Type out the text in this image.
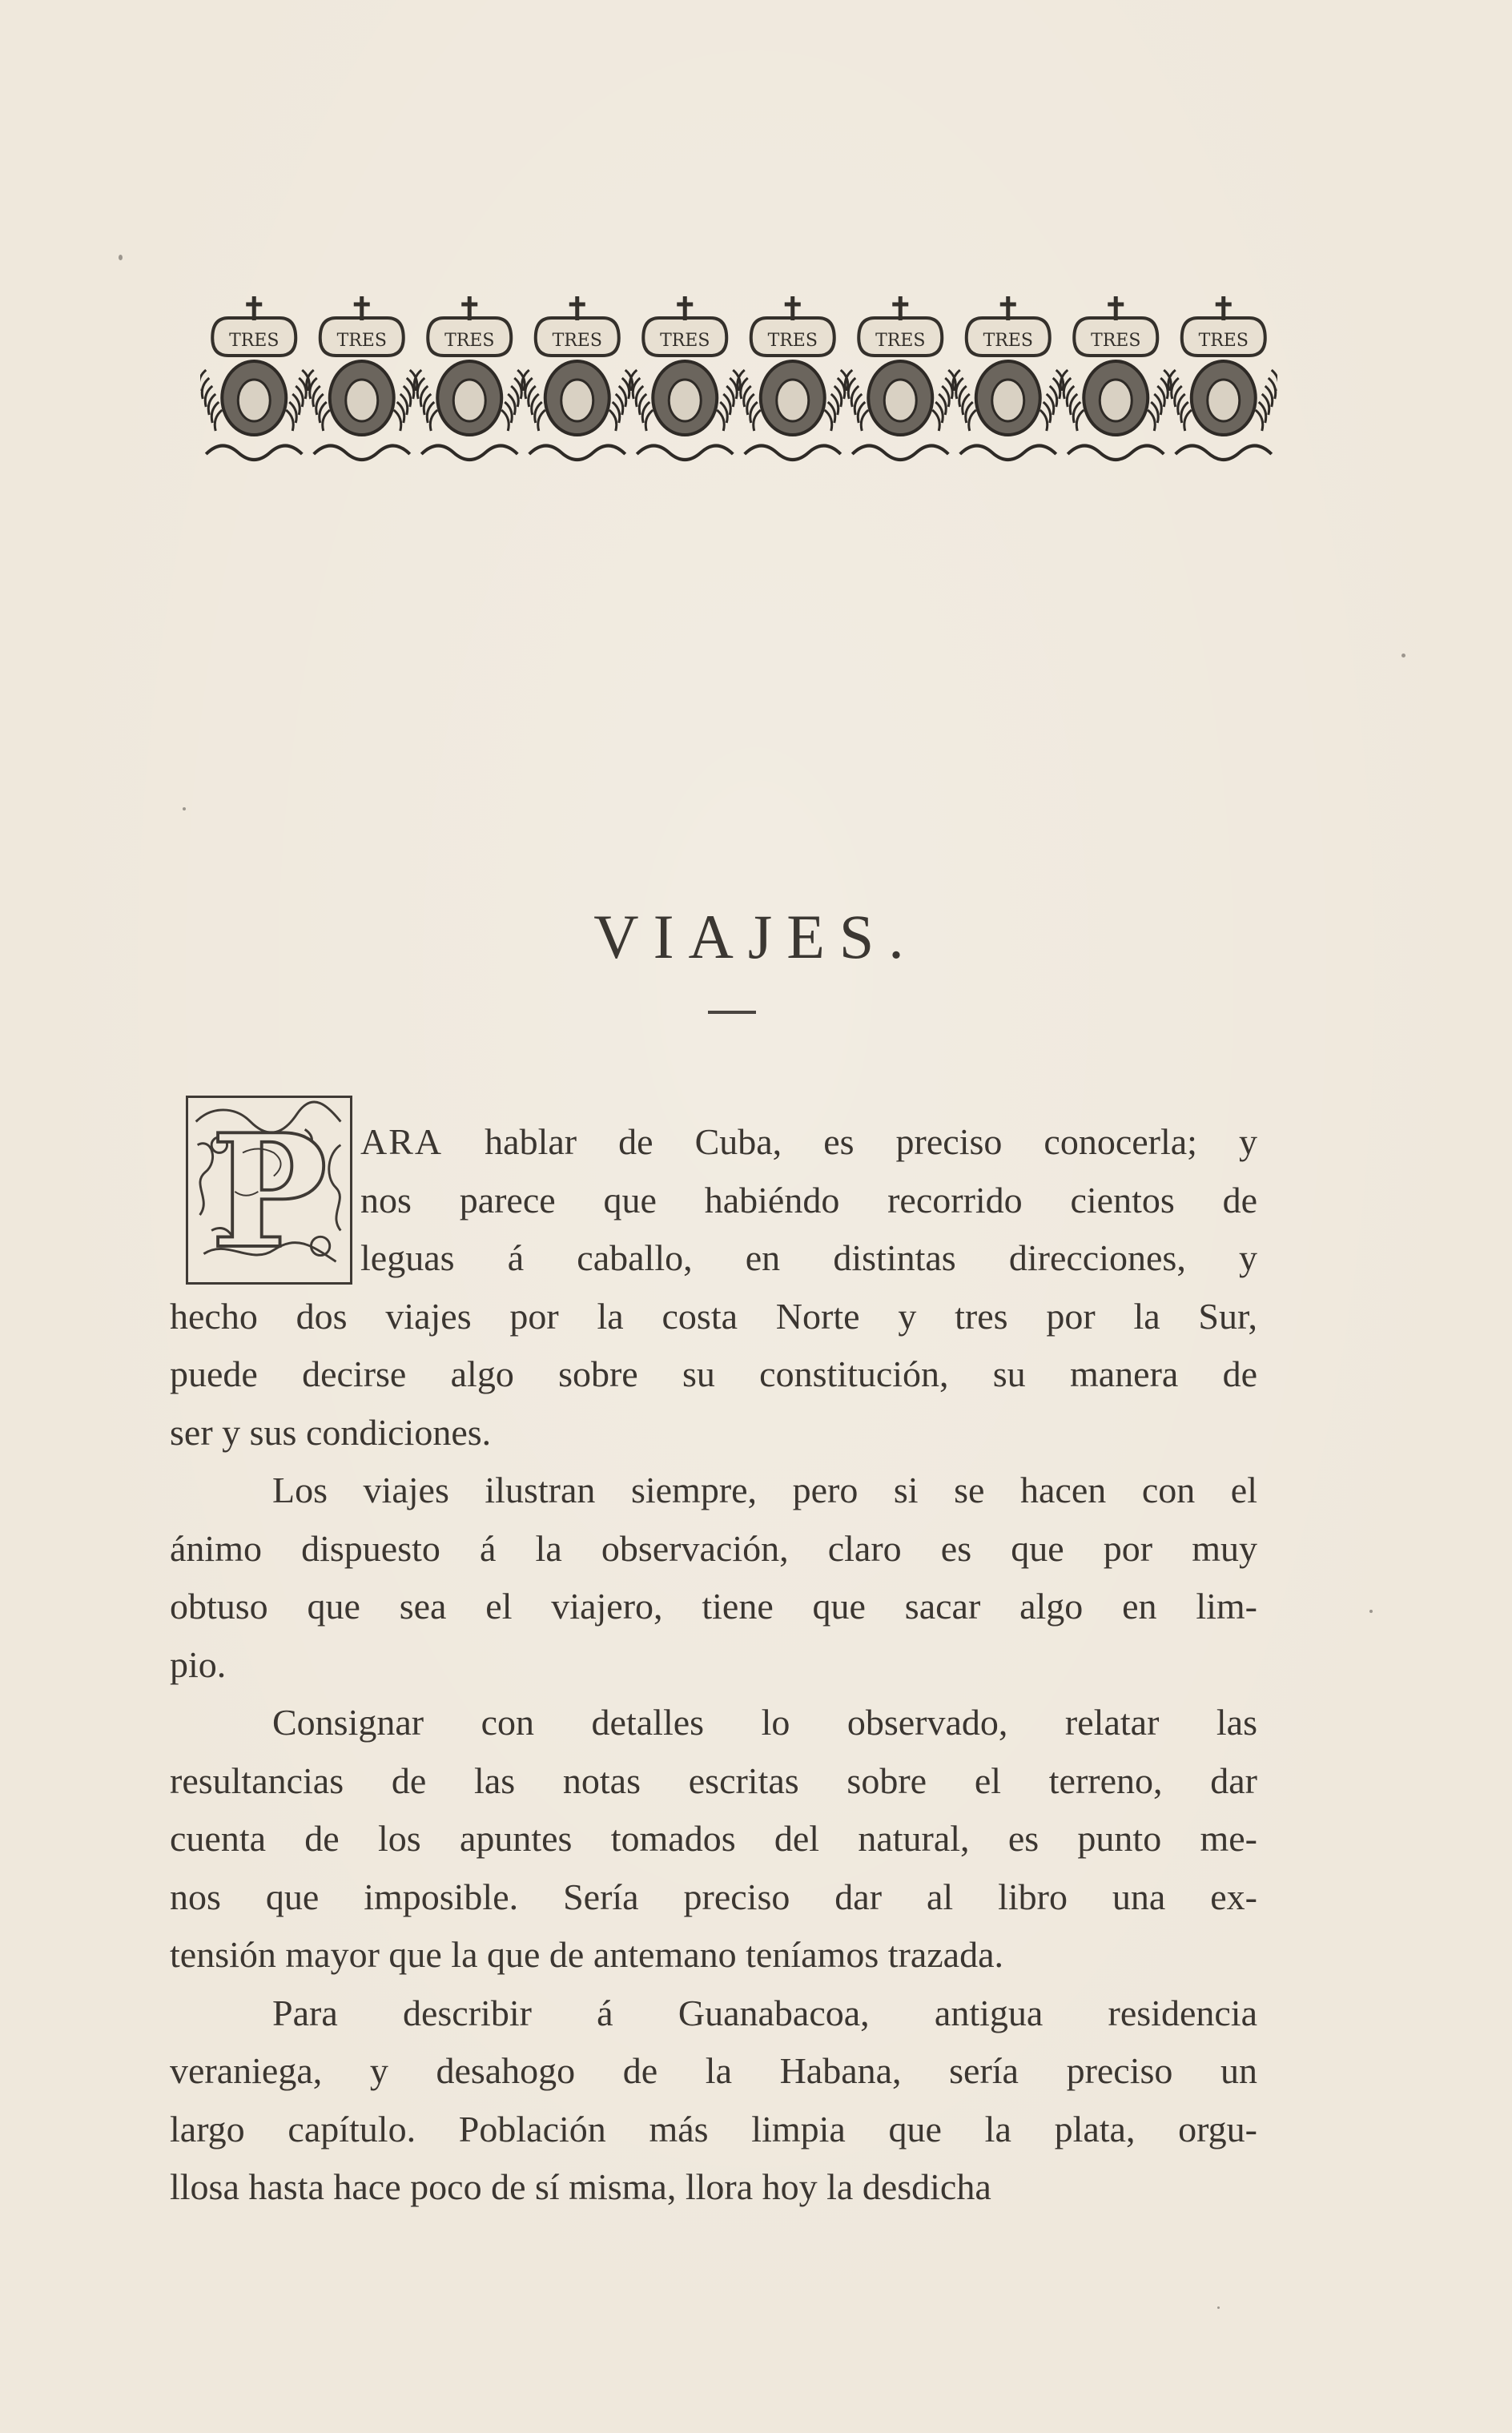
TRES	TRES	TRES	TRES	TRES	TRES	TRES	TRES	TRES	TRES
VIAJES.
P ARA hablar de Cuba, es preciso conocerla; y
nos parece que habiéndo recorrido cientos de
leguas á caballo, en distintas direcciones, y
hecho dos viajes por la costa Norte y tres por la Sur,
puede decirse algo sobre su constitución, su manera de
ser y sus condiciones.
Los viajes ilustran siempre, pero si se hacen con el
ánimo dispuesto á la observación, claro es que por muy
obtuso que sea el viajero, tiene que sacar algo en lim-
pio.
Consignar con detalles lo observado, relatar las
resultancias de las notas escritas sobre el terreno, dar
cuenta de los apuntes tomados del natural, es punto me-
nos que imposible. Sería preciso dar al libro una ex-
tensión mayor que la que de antemano teníamos trazada.
Para describir á Guanabacoa, antigua residencia
veraniega, y desahogo de la Habana, sería preciso un
largo capítulo. Población más limpia que la plata, orgu-
llosa hasta hace poco de sí misma, llora hoy la desdicha
